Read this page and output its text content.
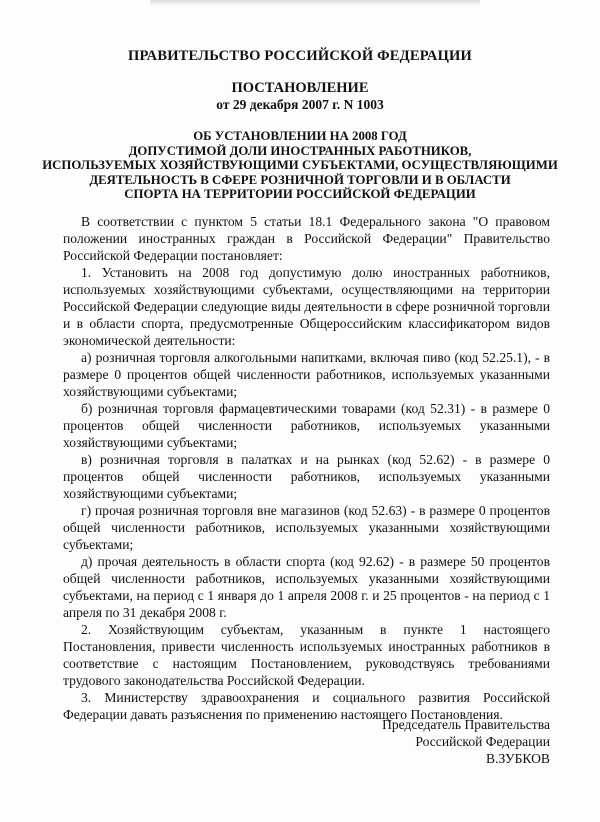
ПРАВИТЕЛЬСТВО РОССИЙСКОЙ ФЕДЕРАЦИИ
ПОСТАНОВЛЕНИЕ
от 29 декабря 2007 г. N 1003
ОБ УСТАНОВЛЕНИИ НА 2008 ГОД
ДОПУСТИМОЙ ДОЛИ ИНОСТРАННЫХ РАБОТНИКОВ,
ИСПОЛЬЗУЕМЫХ ХОЗЯЙСТВУЮЩИМИ СУБЪЕКТАМИ, ОСУЩЕСТВЛЯЮЩИМИ
ДЕЯТЕЛЬНОСТЬ В СФЕРЕ РОЗНИЧНОЙ ТОРГОВЛИ И В ОБЛАСТИ
СПОРТА НА ТЕРРИТОРИИ РОССИЙСКОЙ ФЕДЕРАЦИИ

В соответствии с пунктом 5 статьи 18.1 Федерального закона "О правовом положении иностранных граждан в Российской Федерации" Правительство Российской Федерации постановляет:

1. Установить на 2008 год допустимую долю иностранных работников, используемых хозяйствующими субъектами, осуществляющими на территории Российской Федерации следующие виды деятельности в сфере розничной торговли и в области спорта, предусмотренные Общероссийским классификатором видов экономической деятельности:

а) розничная торговля алкогольными напитками, включая пиво (код 52.25.1), - в размере 0 процентов общей численности работников, используемых указанными хозяйствующими субъектами;

б) розничная торговля фармацевтическими товарами (код 52.31) - в размере 0 процентов общей численности работников, используемых указанными хозяйствующими субъектами;

в) розничная торговля в палатках и на рынках (код 52.62) - в размере 0 процентов общей численности работников, используемых указанными хозяйствующими субъектами;

г) прочая розничная торговля вне магазинов (код 52.63) - в размере 0 процентов общей численности работников, используемых указанными хозяйствующими субъектами;

д) прочая деятельность в области спорта (код 92.62) - в размере 50 процентов общей численности работников, используемых указанными хозяйствующими субъектами, на период с 1 января до 1 апреля 2008 г. и 25 процентов - на период с 1 апреля по 31 декабря 2008 г.

2. Хозяйствующим субъектам, указанным в пункте 1 настоящего Постановления, привести численность используемых иностранных работников в соответствие с настоящим Постановлением, руководствуясь требованиями трудового законодательства Российской Федерации.

3. Министерству здравоохранения и социального развития Российской Федерации давать разъяснения по применению настоящего Постановления.

Председатель Правительства
Российской Федерации
В.ЗУБКОВ
